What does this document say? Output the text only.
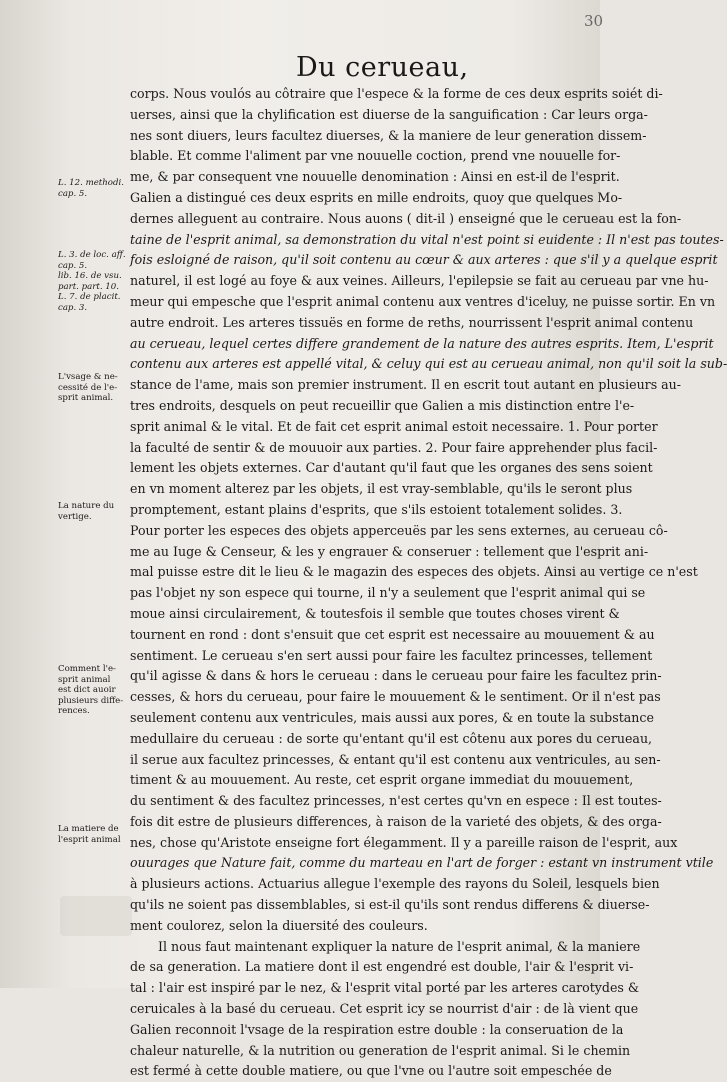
Du cerueau,
30
L. 12. methodi.
cap. 5.
L. 3. de loc. aff.
cap. 5.
lib. 16. de vsu.
part. part. 10.
L. 7. de placit.
cap. 3.
L'vsage & ne-
cessité de l'e-
sprit animal.
La nature du
vertige.
Comment l'e-
sprit animal
est dict auoir
plusieurs diffe-
rences.
La matiere de
l'esprit animal
corps. Nous voulós au côtraire que l'espece & la forme de ces deux esprits soiét di-
uerses, ainsi que la chylification est diuerse de la sanguification : Car leurs orga-
nes sont diuers, leurs facultez diuerses, & la maniere de leur generation dissem-
blable. Et comme l'aliment par vne nouuelle coction, prend vne nouuelle for-
me, & par consequent vne nouuelle denomination : Ainsi en est-il de l'esprit.
Galien a distingué ces deux esprits en mille endroits, quoy que quelques Mo-
dernes alleguent au contraire. Nous auons ( dit-il ) enseigné que le cerueau est la fon-
taine de l'esprit animal, sa demonstration du vital n'est point si euidente : Il n'est pas toutes-
fois esloigné de raison, qu'il soit contenu au cœur & aux arteres : que s'il y a quelque esprit
naturel, il est logé au foye & aux veines. Ailleurs, l'epilepsie se fait au cerueau par vne hu-
meur qui empesche que l'esprit animal contenu aux ventres d'iceluy, ne puisse sortir. En vn
autre endroit. Les arteres tissuës en forme de reths, nourrissent l'esprit animal contenu
au cerueau, lequel certes differe grandement de la nature des autres esprits. Item, L'esprit
contenu aux arteres est appellé vital, & celuy qui est au cerueau animal, non qu'il soit la sub-
stance de l'ame, mais son premier instrument. Il en escrit tout autant en plusieurs au-
tres endroits, desquels on peut recueillir que Galien a mis distinction entre l'e-
sprit animal & le vital. Et de fait cet esprit animal estoit necessaire. 1. Pour porter
la faculté de sentir & de mouuoir aux parties. 2. Pour faire apprehender plus facil-
lement les objets externes. Car d'autant qu'il faut que les organes des sens soient
en vn moment alterez par les objets, il est vray-semblable, qu'ils le seront plus
promptement, estant plains d'esprits, que s'ils estoient totalement solides. 3.
Pour porter les especes des objets apperceuës par les sens externes, au cerueau cô-
me au Iuge & Censeur, & les y engrauer & conseruer : tellement que l'esprit ani-
mal puisse estre dit le lieu & le magazin des especes des objets. Ainsi au vertige ce n'est
pas l'objet ny son espece qui tourne, il n'y a seulement que l'esprit animal qui se
moue ainsi circulairement, & toutesfois il semble que toutes choses virent &
tournent en rond : dont s'ensuit que cet esprit est necessaire au mouuement & au
sentiment. Le cerueau s'en sert aussi pour faire les facultez princesses, tellement
qu'il agisse & dans & hors le cerueau : dans le cerueau pour faire les facultez prin-
cesses, & hors du cerueau, pour faire le mouuement & le sentiment. Or il n'est pas
seulement contenu aux ventricules, mais aussi aux pores, & en toute la substance
medullaire du cerueau : de sorte qu'entant qu'il est côtenu aux pores du cerueau,
il serue aux facultez princesses, & entant qu'il est contenu aux ventricules, au sen-
timent & au mouuement. Au reste, cet esprit organe immediat du mouuement,
du sentiment & des facultez princesses, n'est certes qu'vn en espece : Il est toutes-
fois dit estre de plusieurs differences, à raison de la varieté des objets, & des orga-
nes, chose qu'Aristote enseigne fort élegamment. Il y a pareille raison de l'esprit, aux
ouurages que Nature fait, comme du marteau en l'art de forger : estant vn instrument vtile
à plusieurs actions. Actuarius allegue l'exemple des rayons du Soleil, lesquels bien
qu'ils ne soient pas dissemblables, si est-il qu'ils sont rendus differens & diuerse-
ment coulorez, selon la diuersité des couleurs.
Il nous faut maintenant expliquer la nature de l'esprit animal, & la maniere
de sa generation. La matiere dont il est engendré est double, l'air & l'esprit vi-
tal : l'air est inspiré par le nez, & l'esprit vital porté par les arteres carotydes &
ceruicales à la basé du cerueau. Cet esprit icy se nourrist d'air : de là vient que
Galien reconnoit l'vsage de la respiration estre double : la conseruation de la
chaleur naturelle, & la nutrition ou generation de l'esprit animal. Si le chemin
est fermé à cette double matiere, ou que l'vne ou l'autre soit empeschée de
